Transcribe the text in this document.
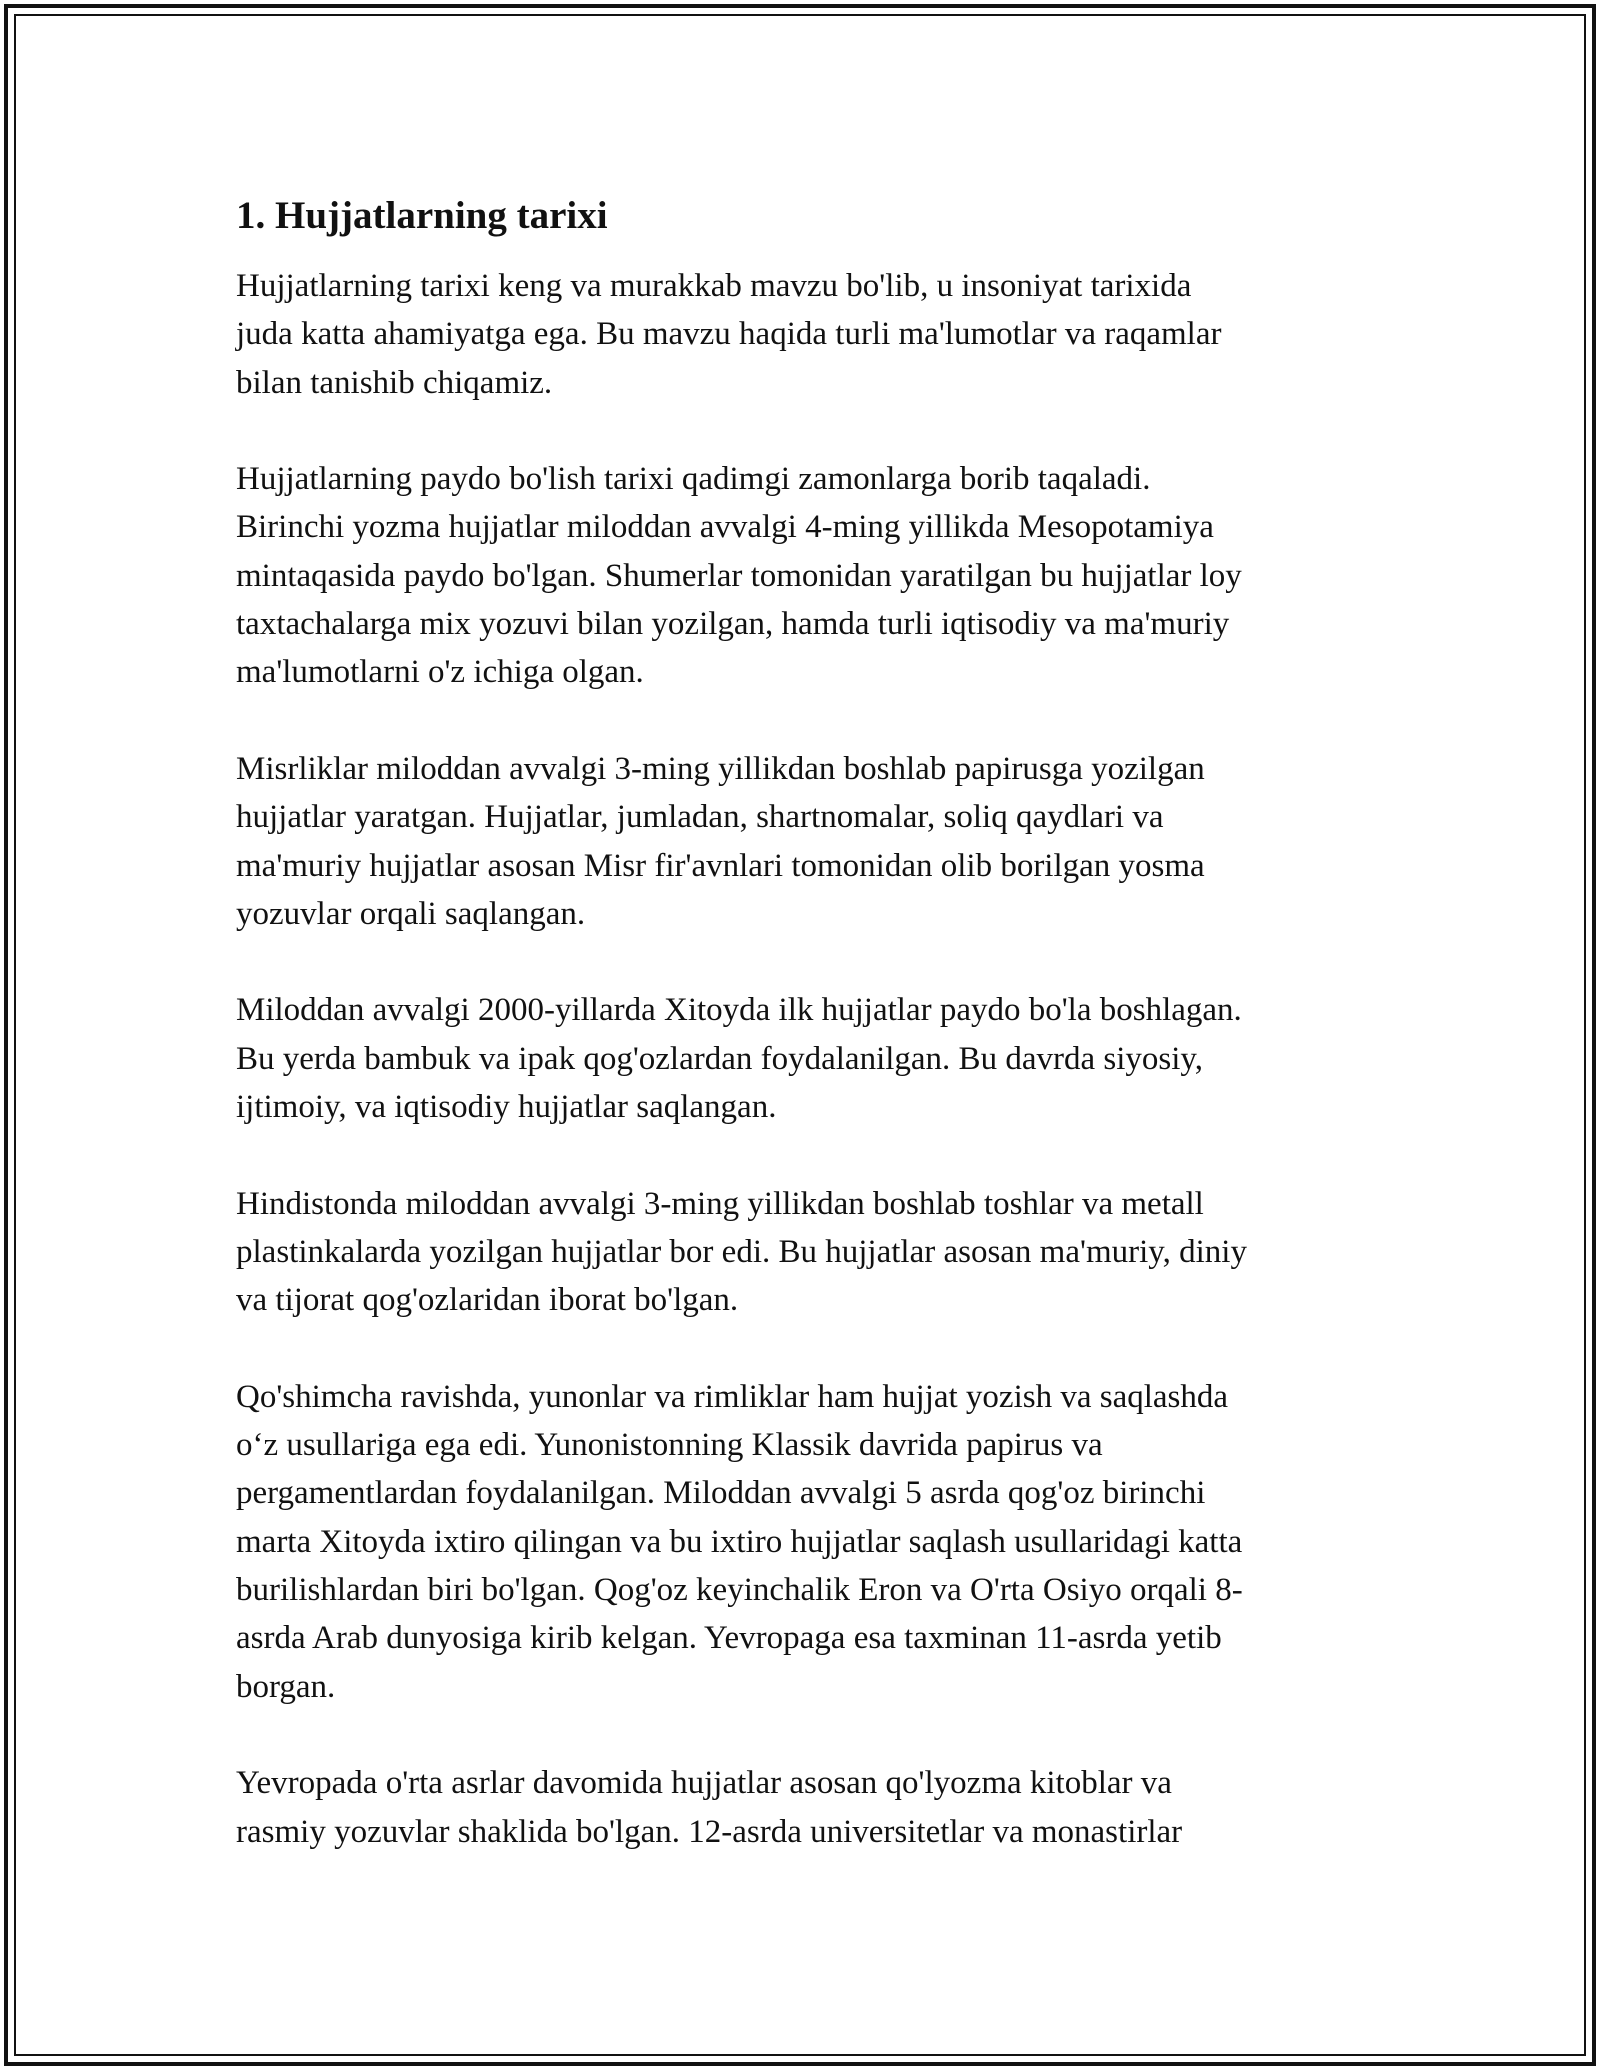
1. Hujjatlarning tarixi

Hujjatlarning tarixi keng va murakkab mavzu bo'lib, u insoniyat tarixida
juda katta ahamiyatga ega. Bu mavzu haqida turli ma'lumotlar va raqamlar
bilan tanishib chiqamiz.

Hujjatlarning paydo bo'lish tarixi qadimgi zamonlarga borib taqaladi.
Birinchi yozma hujjatlar miloddan avvalgi 4-ming yillikda Mesopotamiya
mintaqasida paydo bo'lgan. Shumerlar tomonidan yaratilgan bu hujjatlar loy
taxtachalarga mix yozuvi bilan yozilgan, hamda turli iqtisodiy va ma'muriy
ma'lumotlarni o'z ichiga olgan.

Misrliklar miloddan avvalgi 3-ming yillikdan boshlab papirusga yozilgan
hujjatlar yaratgan. Hujjatlar, jumladan, shartnomalar, soliq qaydlari va
ma'muriy hujjatlar asosan Misr fir'avnlari tomonidan olib borilgan yosma
yozuvlar orqali saqlangan.

Miloddan avvalgi 2000-yillarda Xitoyda ilk hujjatlar paydo bo'la boshlagan.
Bu yerda bambuk va ipak qog'ozlardan foydalanilgan. Bu davrda siyosiy,
ijtimoiy, va iqtisodiy hujjatlar saqlangan.

Hindistonda miloddan avvalgi 3-ming yillikdan boshlab toshlar va metall
plastinkalarda yozilgan hujjatlar bor edi. Bu hujjatlar asosan ma'muriy, diniy
va tijorat qog'ozlaridan iborat bo'lgan.

Qo'shimcha ravishda, yunonlar va rimliklar ham hujjat yozish va saqlashda
o‘z usullariga ega edi. Yunonistonning Klassik davrida papirus va
pergamentlardan foydalanilgan. Miloddan avvalgi 5 asrda qog'oz birinchi
marta Xitoyda ixtiro qilingan va bu ixtiro hujjatlar saqlash usullaridagi katta
burilishlardan biri bo'lgan. Qog'oz keyinchalik Eron va O'rta Osiyo orqali 8-
asrda Arab dunyosiga kirib kelgan. Yevropaga esa taxminan 11-asrda yetib
borgan.

Yevropada o'rta asrlar davomida hujjatlar asosan qo'lyozma kitoblar va
rasmiy yozuvlar shaklida bo'lgan. 12-asrda universitetlar va monastirlar
